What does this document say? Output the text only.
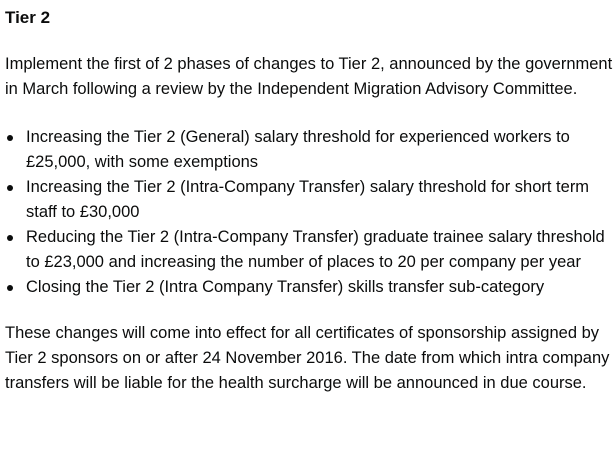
Tier 2

Implement the first of 2 phases of changes to Tier 2, announced by the government in March following a review by the Independent Migration Advisory Committee.

Increasing the Tier 2 (General) salary threshold for experienced workers to £25,000, with some exemptions
Increasing the Tier 2 (Intra-Company Transfer) salary threshold for short term staff to £30,000
Reducing the Tier 2 (Intra-Company Transfer) graduate trainee salary threshold to £23,000 and increasing the number of places to 20 per company per year
Closing the Tier 2 (Intra Company Transfer) skills transfer sub-category

These changes will come into effect for all certificates of sponsorship assigned by Tier 2 sponsors on or after 24 November 2016. The date from which intra company transfers will be liable for the health surcharge will be announced in due course.
